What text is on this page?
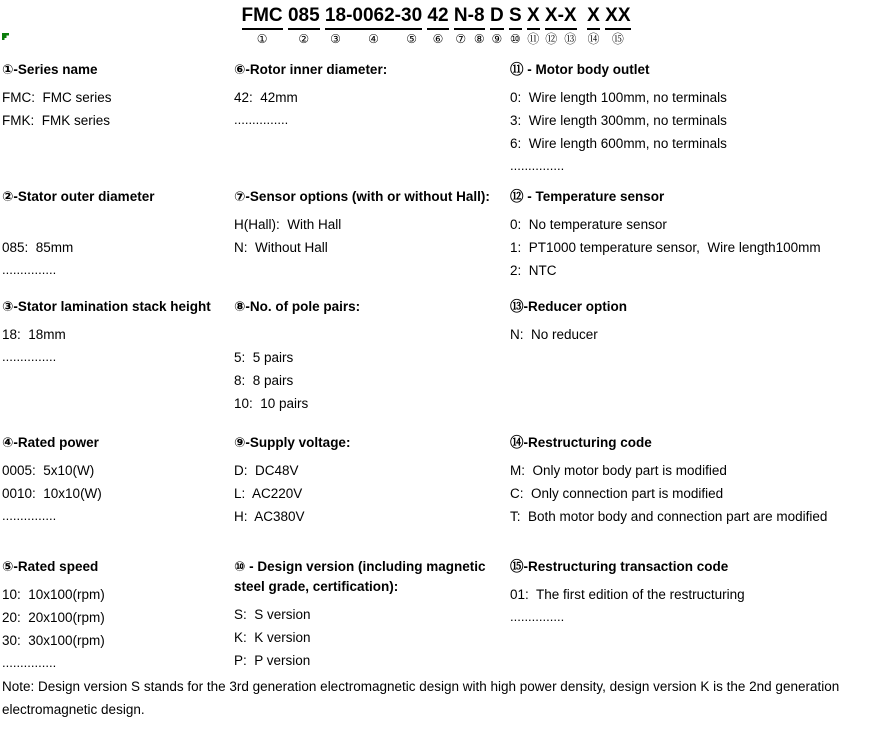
FMC
①

085
②

18
③
- 0062
④
- 30
⑤

42
⑥

N
⑦
- 8
⑧

D
⑨

S
⑩

X
⑪

X
⑫
- X
⑬

X
⑭

XX
⑮
①-Series name
FMC:  FMC series
FMK:  FMK series
②-Stator outer diameter
085:  85mm
...............
③-Stator lamination stack height
18:  18mm
...............
④-Rated power
0005:  5x10(W)
0010:  10x10(W)
...............
⑤-Rated speed
10:  10x100(rpm)
20:  20x100(rpm)
30:  30x100(rpm)
...............
⑥-Rotor inner diameter:
42:  42mm
...............
⑦-Sensor options (with or without Hall):
H(Hall):  With Hall
N:  Without Hall
⑧-No. of pole pairs:
5:  5 pairs
8:  8 pairs
10:  10 pairs
⑨-Supply voltage:
D:  DC48V
L:  AC220V
H:  AC380V
⑩ - Design version (including magnetic steel grade, certification):
S:  S version
K:  K version
P:  P version
⑪ - Motor body outlet
0:  Wire length 100mm, no terminals
3:  Wire length 300mm, no terminals
6:  Wire length 600mm, no terminals
...............
⑫ - Temperature sensor
0:  No temperature sensor
1:  PT1000 temperature sensor,  Wire length100mm
2:  NTC
⑬-Reducer option
N:  No reducer
⑭-Restructuring code
M:  Only motor body part is modified
C:  Only connection part is modified
T:  Both motor body and connection part are modified
⑮-Restructuring transaction code
01:  The first edition of the restructuring
...............
Note: Design version S stands for the 3rd generation electromagnetic design with high power density, design version K is the 2nd generation electromagnetic design.
